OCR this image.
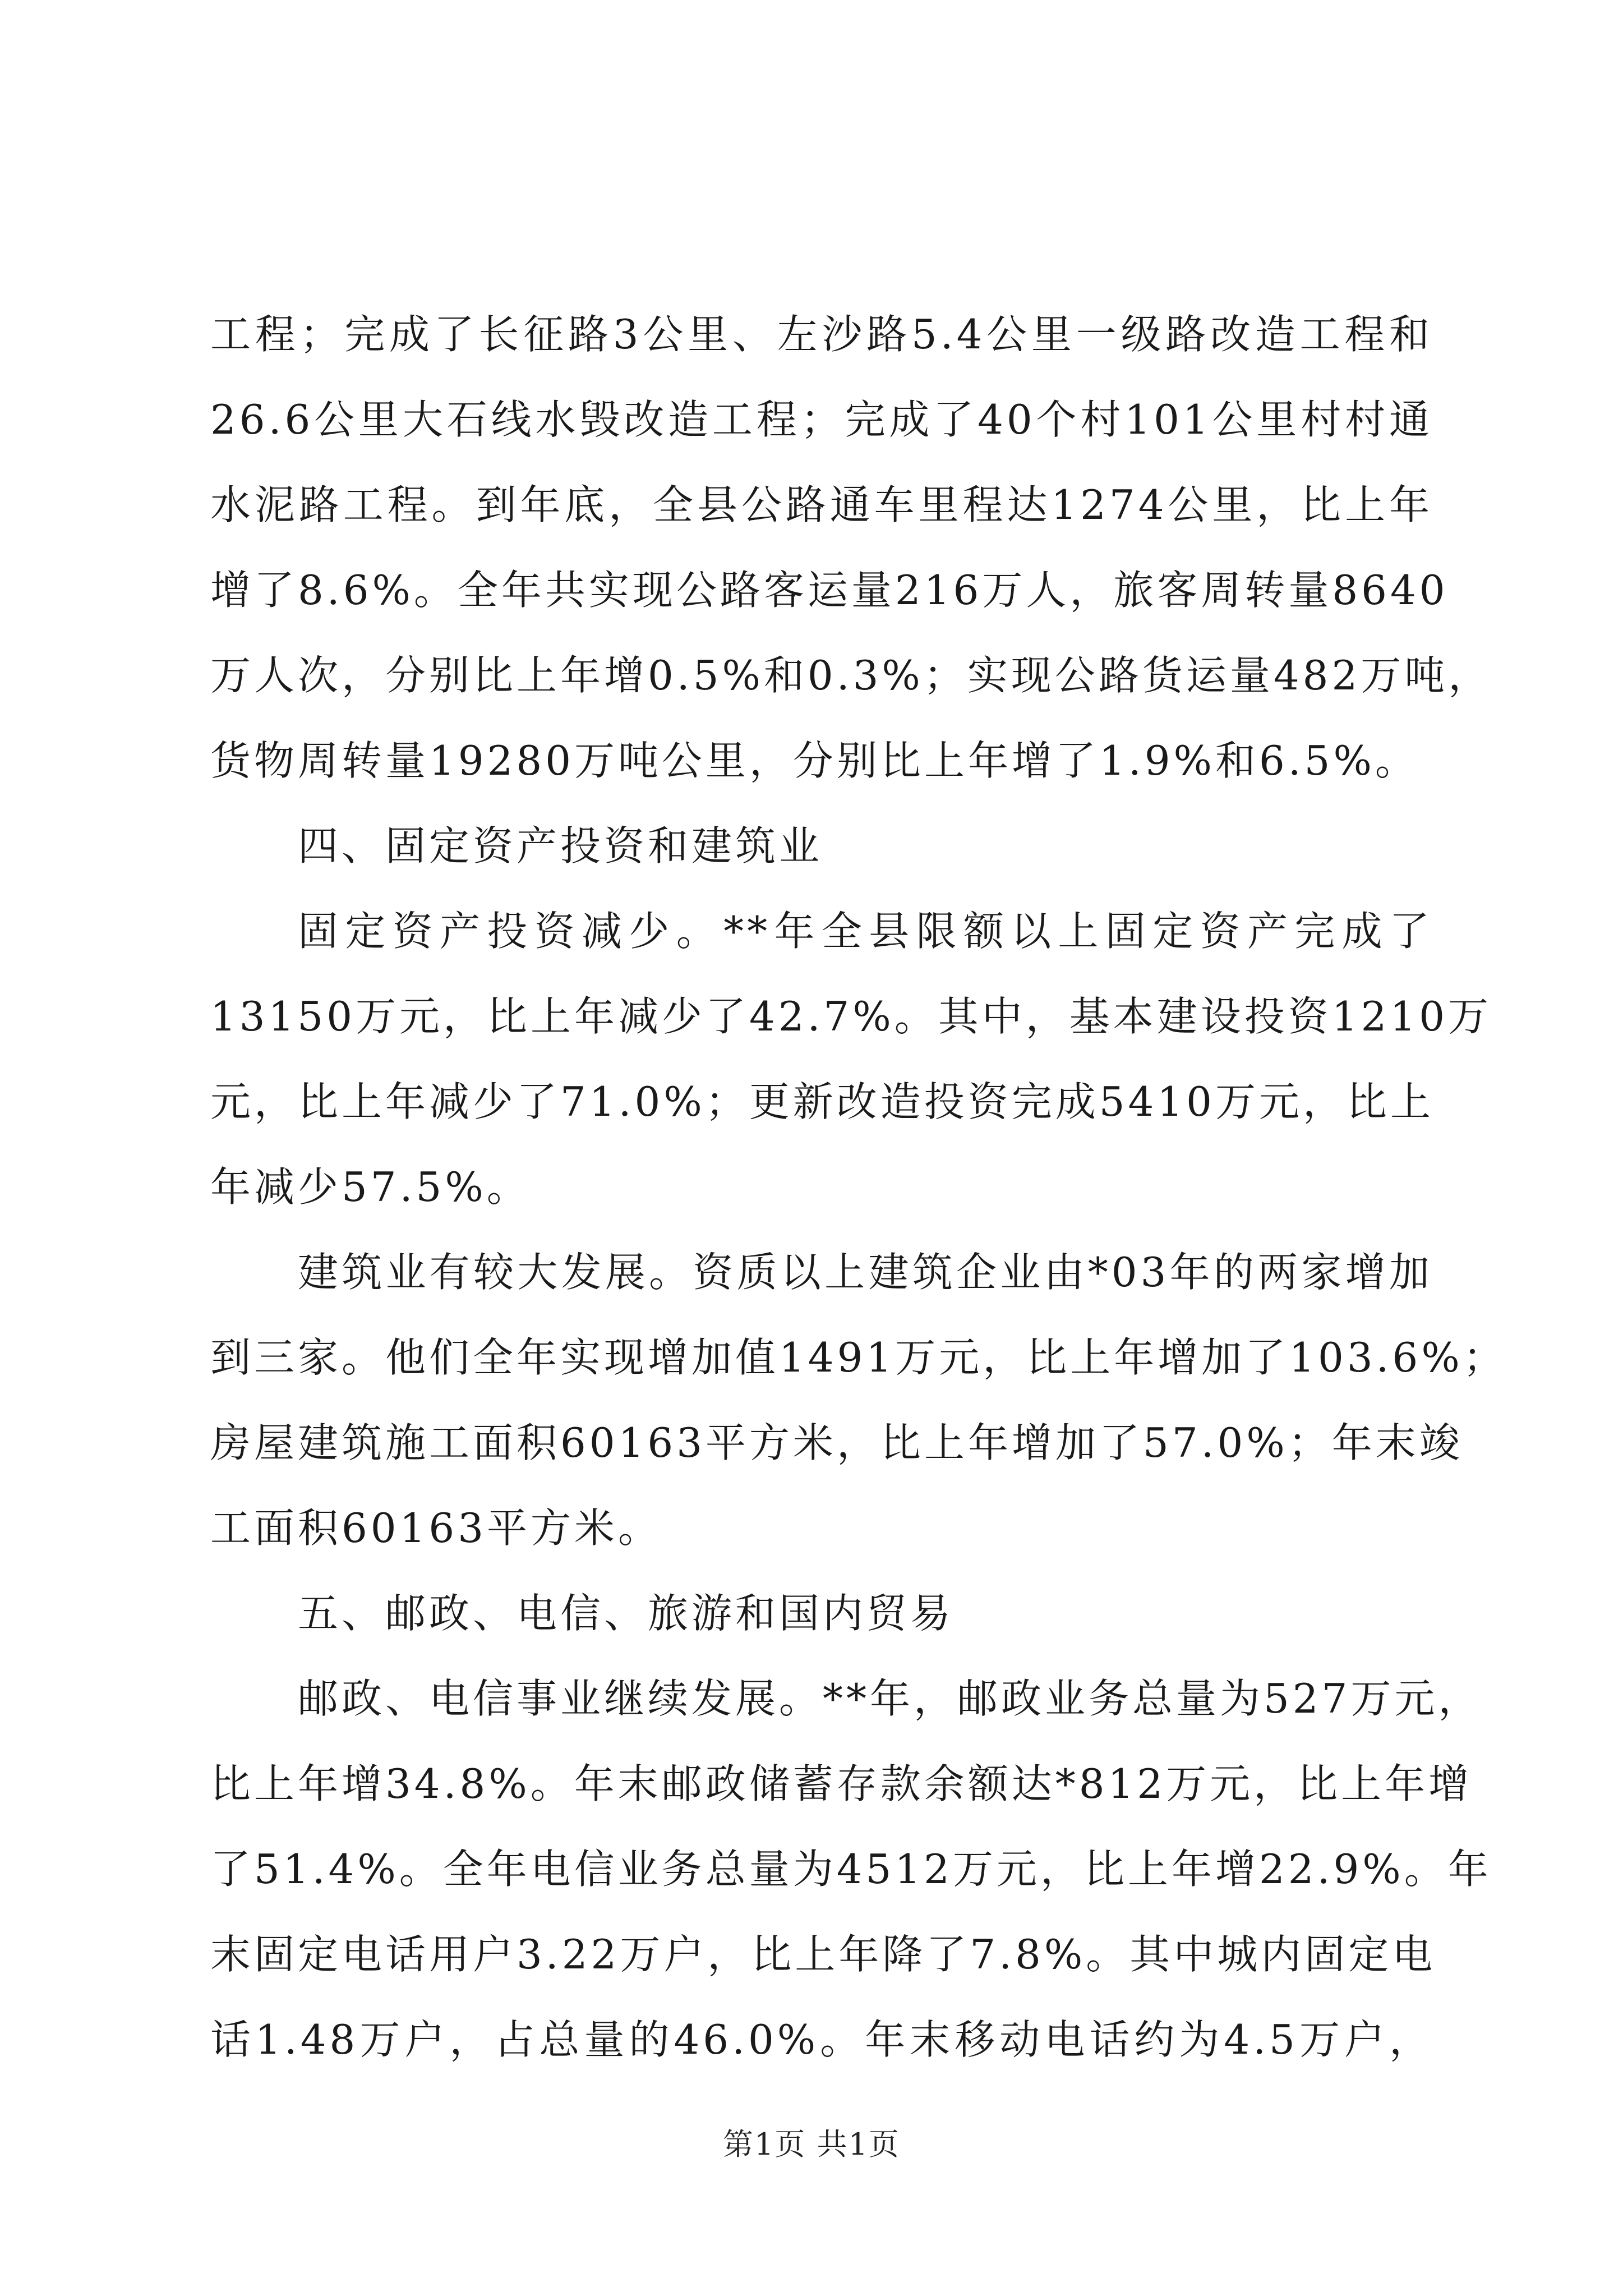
工程；完成了长征路3公里、左沙路5.4公里一级路改造工程和
26.6公里大石线水毁改造工程；完成了40个村101公里村村通
水泥路工程。到年底，全县公路通车里程达1274公里，比上年
增了8.6%。全年共实现公路客运量216万人，旅客周转量8640
万人次，分别比上年增0.5%和0.3%；实现公路货运量482万吨，
货物周转量19280万吨公里，分别比上年增了1.9%和6.5%。
四、固定资产投资和建筑业
固定资产投资减少。**年全县限额以上固定资产完成了
13150万元，比上年减少了42.7%。其中，基本建设投资1210万
元，比上年减少了71.0%；更新改造投资完成5410万元，比上
年减少57.5%。
建筑业有较大发展。资质以上建筑企业由*03年的两家增加
到三家。他们全年实现增加值1491万元，比上年增加了103.6%；
房屋建筑施工面积60163平方米，比上年增加了57.0%；年末竣
工面积60163平方米。
五、邮政、电信、旅游和国内贸易
邮政、电信事业继续发展。**年，邮政业务总量为527万元，
比上年增34.8%。年末邮政储蓄存款余额达*812万元，比上年增
了51.4%。全年电信业务总量为4512万元，比上年增22.9%。年
末固定电话用户3.22万户，比上年降了7.8%。其中城内固定电
话1.48万户，占总量的46.0%。年末移动电话约为4.5万户，
第1页 共1页
